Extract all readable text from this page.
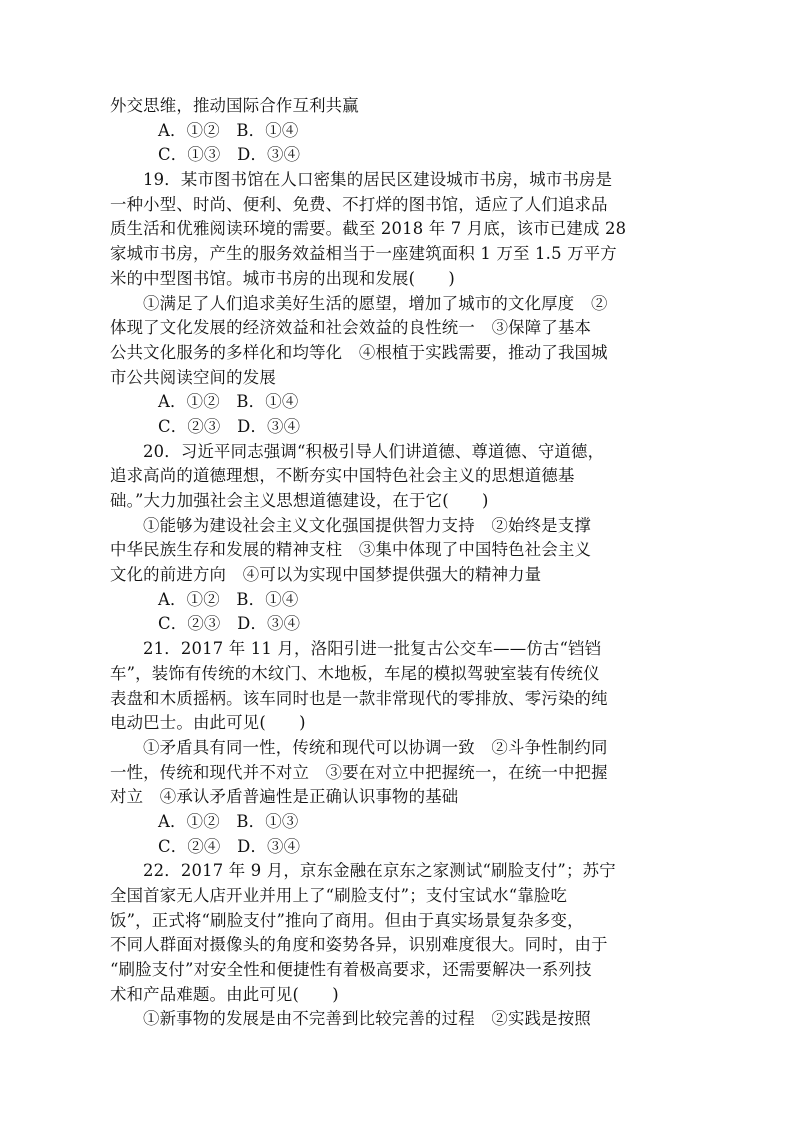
外交思维，推动国际合作互利共赢
A．①②　B．①④
C．①③　D．③④
19．某市图书馆在人口密集的居民区建设城市书房，城市书房是
一种小型、时尚、便利、免费、不打烊的图书馆，适应了人们追求品
质生活和优雅阅读环境的需要。截至 2018 年 7 月底，该市已建成 28
家城市书房，产生的服务效益相当于一座建筑面积 1 万至 1.5 万平方
米的中型图书馆。城市书房的出现和发展(　　)
①满足了人们追求美好生活的愿望，增加了城市的文化厚度　②
体现了文化发展的经济效益和社会效益的良性统一　③保障了基本
公共文化服务的多样化和均等化　④根植于实践需要，推动了我国城
市公共阅读空间的发展
A．①②　B．①④
C．②③　D．③④
20．习近平同志强调“积极引导人们讲道德、尊道德、守道德，
追求高尚的道德理想，不断夯实中国特色社会主义的思想道德基
础。”大力加强社会主义思想道德建设，在于它(　　)
①能够为建设社会主义文化强国提供智力支持　②始终是支撑
中华民族生存和发展的精神支柱　③集中体现了中国特色社会主义
文化的前进方向　④可以为实现中国梦提供强大的精神力量
A．①②　B．①④
C．②③　D．③④
21．2017 年 11 月，洛阳引进一批复古公交车——仿古“铛铛
车”，装饰有传统的木纹门、木地板，车尾的模拟驾驶室装有传统仪
表盘和木质摇柄。该车同时也是一款非常现代的零排放、零污染的纯
电动巴士。由此可见(　　)
①矛盾具有同一性，传统和现代可以协调一致　②斗争性制约同
一性，传统和现代并不对立　③要在对立中把握统一，在统一中把握
对立　④承认矛盾普遍性是正确认识事物的基础
A．①②　B．①③
C．②④　D．③④
22．2017 年 9 月，京东金融在京东之家测试“刷脸支付”；苏宁
全国首家无人店开业并用上了“刷脸支付”；支付宝试水“靠脸吃
饭”，正式将“刷脸支付”推向了商用。但由于真实场景复杂多变，
不同人群面对摄像头的角度和姿势各异，识别难度很大。同时，由于
“刷脸支付”对安全性和便捷性有着极高要求，还需要解决一系列技
术和产品难题。由此可见(　　)
①新事物的发展是由不完善到比较完善的过程　②实践是按照
